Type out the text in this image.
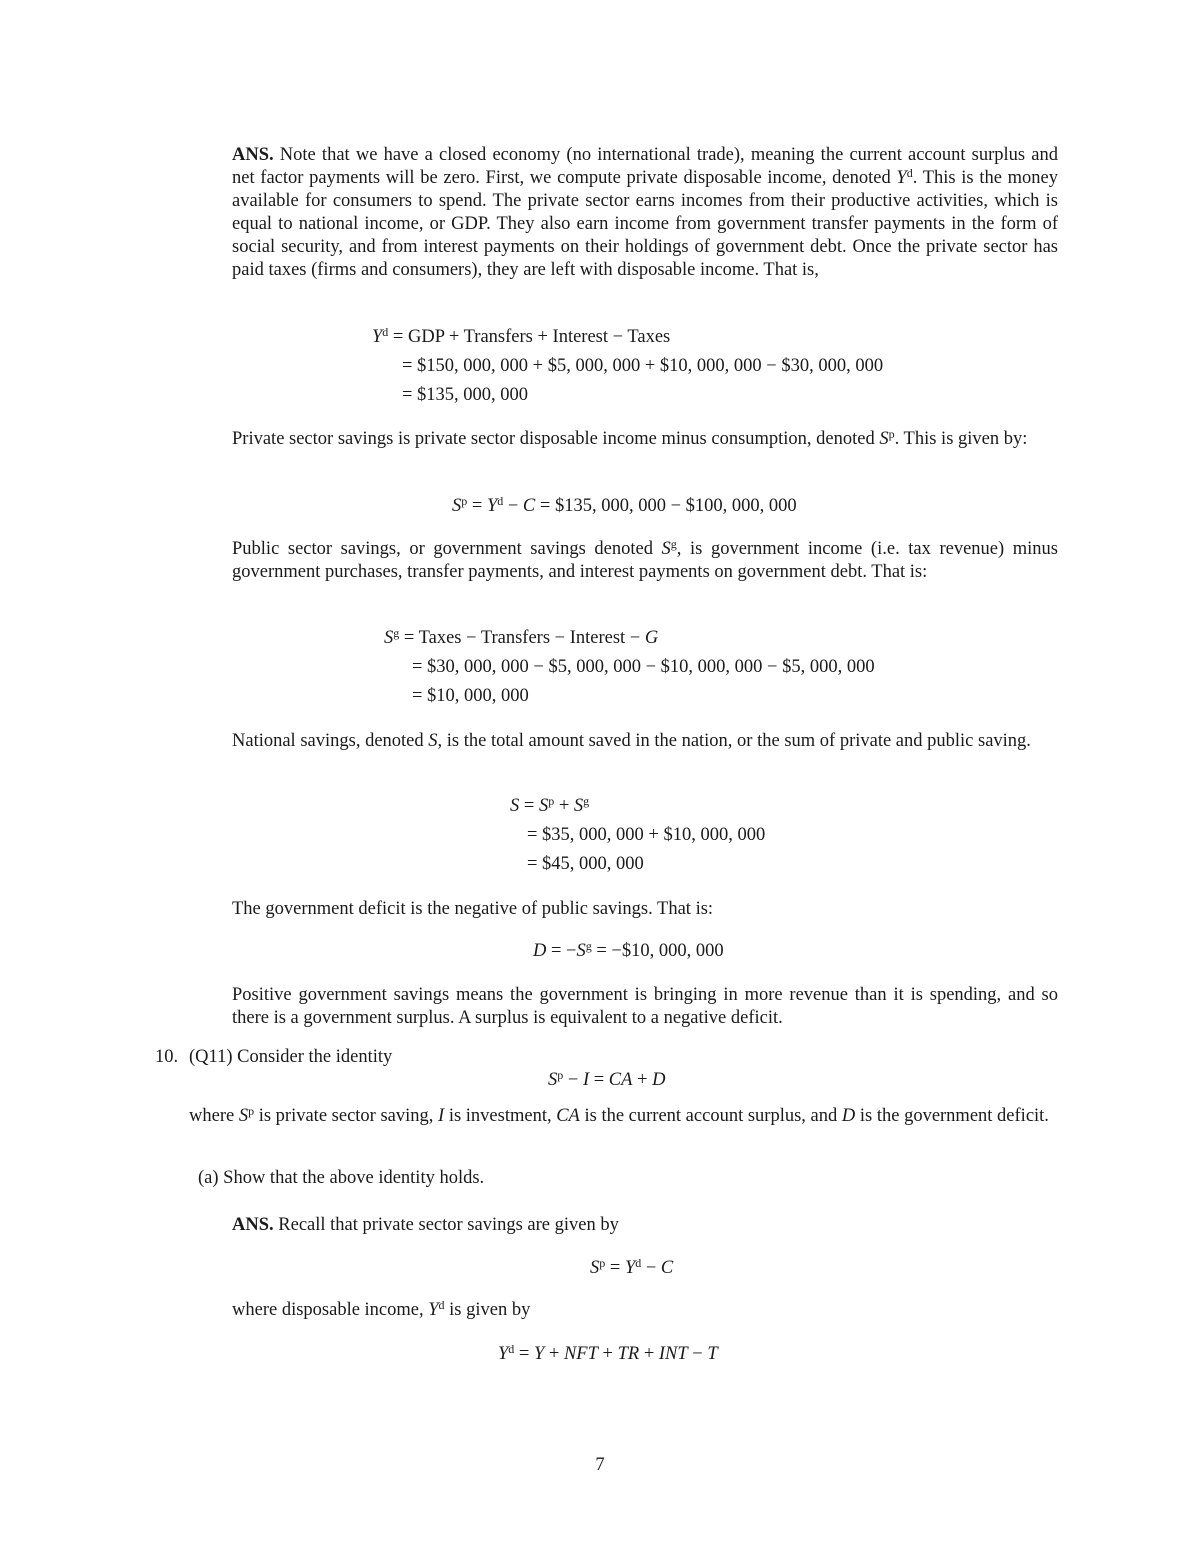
ANS. Note that we have a closed economy (no international trade), meaning the current account surplus and net factor payments will be zero. First, we compute private disposable income, denoted $Y^d$. This is the money available for consumers to spend. The private sector earns incomes from their productive activities, which is equal to national income, or GDP. They also earn income from government transfer payments in the form of social security, and from interest payments on their holdings of government debt. Once the private sector has paid taxes (firms and consumers), they are left with disposable income. That is,
$Y^d$ = GDP + Transfers + Interest − Taxes
= $150, 000, 000 + $5, 000, 000 + $10, 000, 000 − $30, 000, 000
= $135, 000, 000
Private sector savings is private sector disposable income minus consumption, denoted $S^p$. This is given by:
$S^p = Y^d - C$ = $135, 000, 000 − $100, 000, 000
Public sector savings, or government savings denoted $S^g$, is government income (i.e. tax revenue) minus government purchases, transfer payments, and interest payments on government debt. That is:
$S^g$ = Taxes − Transfers − Interest − G
= $30, 000, 000 − $5, 000, 000 − $10, 000, 000 − $5, 000, 000
= $10, 000, 000
National savings, denoted S, is the total amount saved in the nation, or the sum of private and public saving.
$S = S^p + S^g$
= $35, 000, 000 + $10, 000, 000
= $45, 000, 000
The government deficit is the negative of public savings. That is:
$D = -S^g$ = −$10, 000, 000
Positive government savings means the government is bringing in more revenue than it is spending, and so there is a government surplus. A surplus is equivalent to a negative deficit.
10. (Q11) Consider the identity
$S^p - I$ = CA + D
where $S^p$ is private sector saving, I is investment, CA is the current account surplus, and D is the government deficit.
(a) Show that the above identity holds.
ANS. Recall that private sector savings are given by
$S^p = Y^d - C$
where disposable income, $Y^d$ is given by
$Y^d = Y$ + NFT + TR + INT − T
7
